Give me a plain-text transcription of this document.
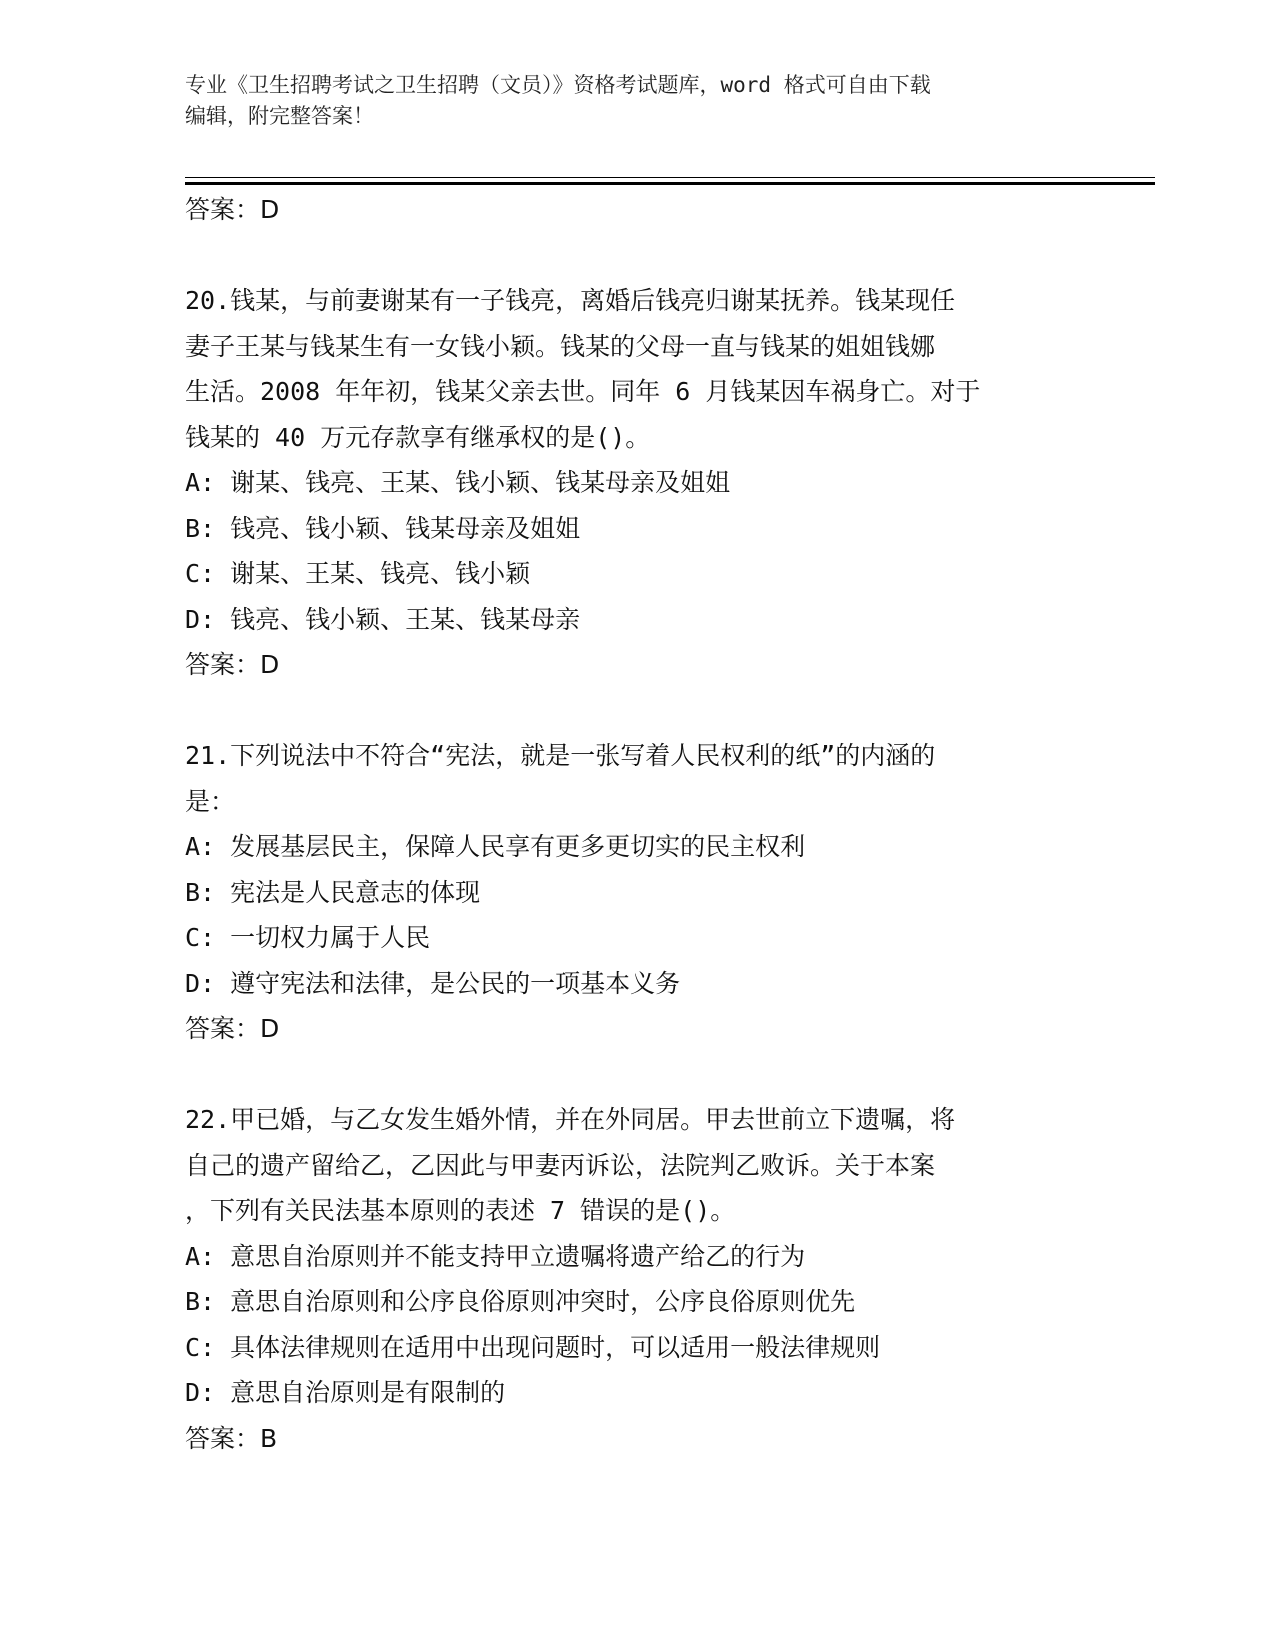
专业《卫生招聘考试之卫生招聘（文员）》资格考试题库，word 格式可自由下载
编辑，附完整答案！
答案：D
20.钱某，与前妻谢某有一子钱亮，离婚后钱亮归谢某抚养。钱某现任
妻子王某与钱某生有一女钱小颖。钱某的父母一直与钱某的姐姐钱娜
生活。2008 年年初，钱某父亲去世。同年 6 月钱某因车祸身亡。对于
钱某的 40 万元存款享有继承权的是()。
A: 谢某、钱亮、王某、钱小颖、钱某母亲及姐姐
B: 钱亮、钱小颖、钱某母亲及姐姐
C: 谢某、王某、钱亮、钱小颖
D: 钱亮、钱小颖、王某、钱某母亲
答案：D
21.下列说法中不符合“宪法，就是一张写着人民权利的纸”的内涵的
是：
A: 发展基层民主，保障人民享有更多更切实的民主权利
B: 宪法是人民意志的体现
C: 一切权力属于人民
D: 遵守宪法和法律，是公民的一项基本义务
答案：D
22.甲已婚，与乙女发生婚外情，并在外同居。甲去世前立下遗嘱，将
自己的遗产留给乙，乙因此与甲妻丙诉讼，法院判乙败诉。关于本案
，下列有关民法基本原则的表述 7 错误的是()。
A: 意思自治原则并不能支持甲立遗嘱将遗产给乙的行为
B: 意思自治原则和公序良俗原则冲突时，公序良俗原则优先
C: 具体法律规则在适用中出现问题时，可以适用一般法律规则
D: 意思自治原则是有限制的
答案：B
